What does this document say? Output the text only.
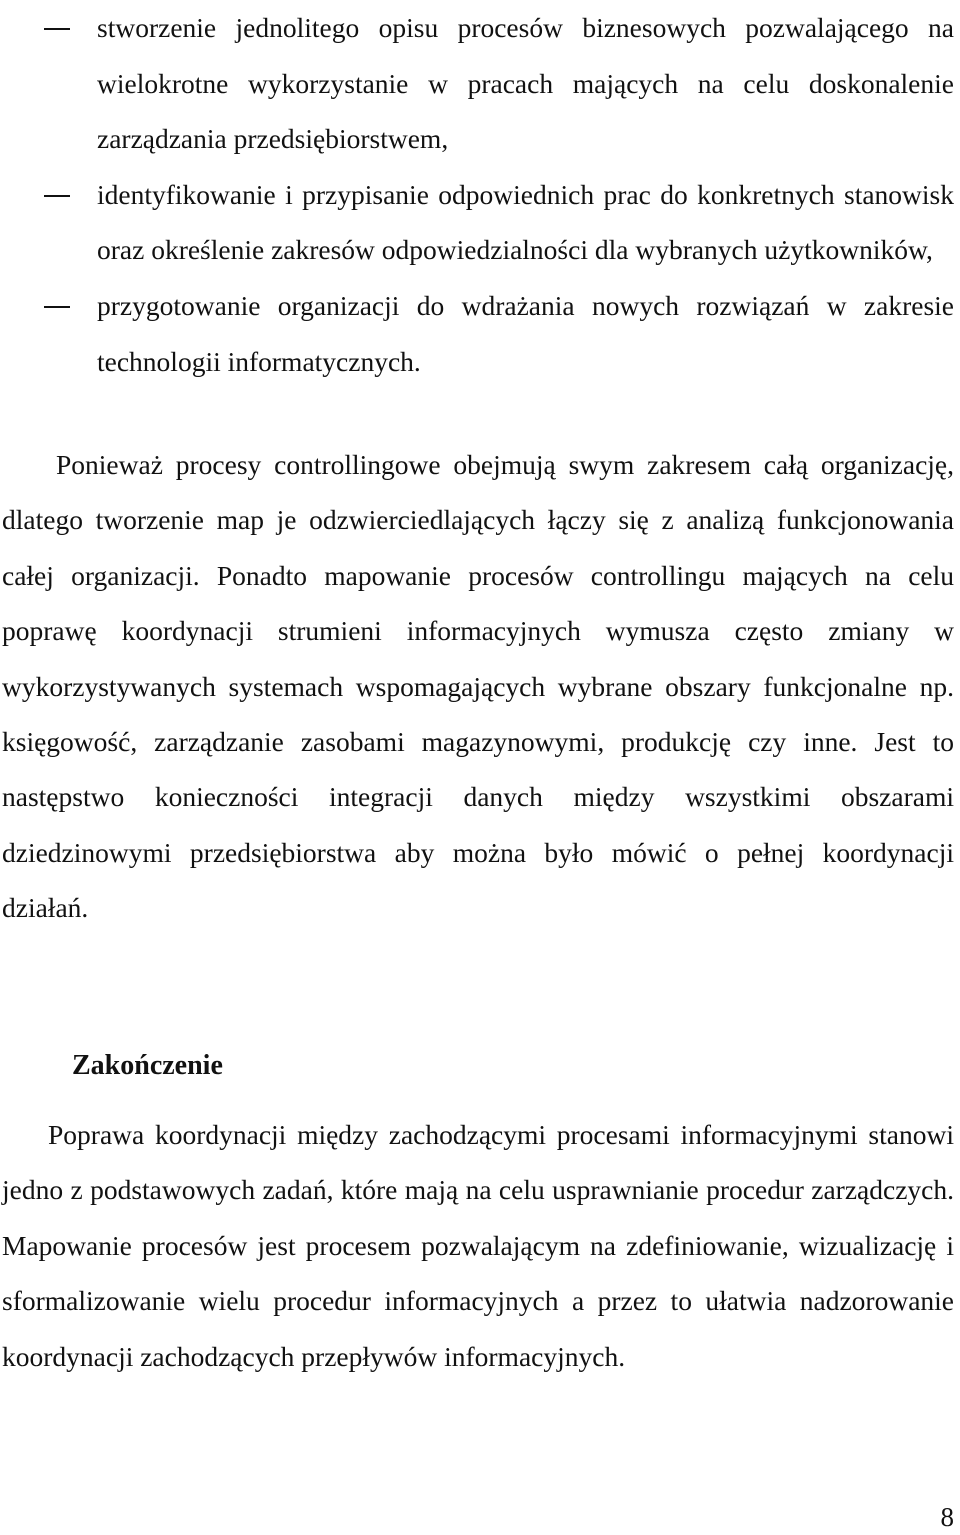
stworzenie jednolitego opisu procesów biznesowych pozwalającego na wielokrotne wykorzystanie w pracach mających na celu doskonalenie zarządzania przedsiębiorstwem,
identyfikowanie i przypisanie odpowiednich prac do konkretnych stanowisk oraz określenie zakresów odpowiedzialności dla wybranych użytkowników,
przygotowanie organizacji do wdrażania nowych rozwiązań w zakresie technologii informatycznych.

Ponieważ procesy controllingowe obejmują swym zakresem całą organizację, dlatego tworzenie map je odzwierciedlających łączy się z analizą funkcjonowania całej organizacji. Ponadto mapowanie procesów controllingu mających na celu poprawę koordynacji strumieni informacyjnych wymusza często zmiany w wykorzystywanych systemach wspomagających wybrane obszary funkcjonalne np. księgowość, zarządzanie zasobami magazynowymi, produkcję czy inne. Jest to następstwo konieczności integracji danych między wszystkimi obszarami dziedzinowymi przedsiębiorstwa aby można było mówić o pełnej koordynacji działań.

Zakończenie

Poprawa koordynacji między zachodzącymi procesami informacyjnymi stanowi jedno z podstawowych zadań, które mają na celu usprawnianie procedur zarządczych. Mapowanie procesów jest procesem pozwalającym na zdefiniowanie, wizualizację i sformalizowanie wielu procedur informacyjnych a przez to ułatwia nadzorowanie koordynacji zachodzących przepływów informacyjnych.

8
